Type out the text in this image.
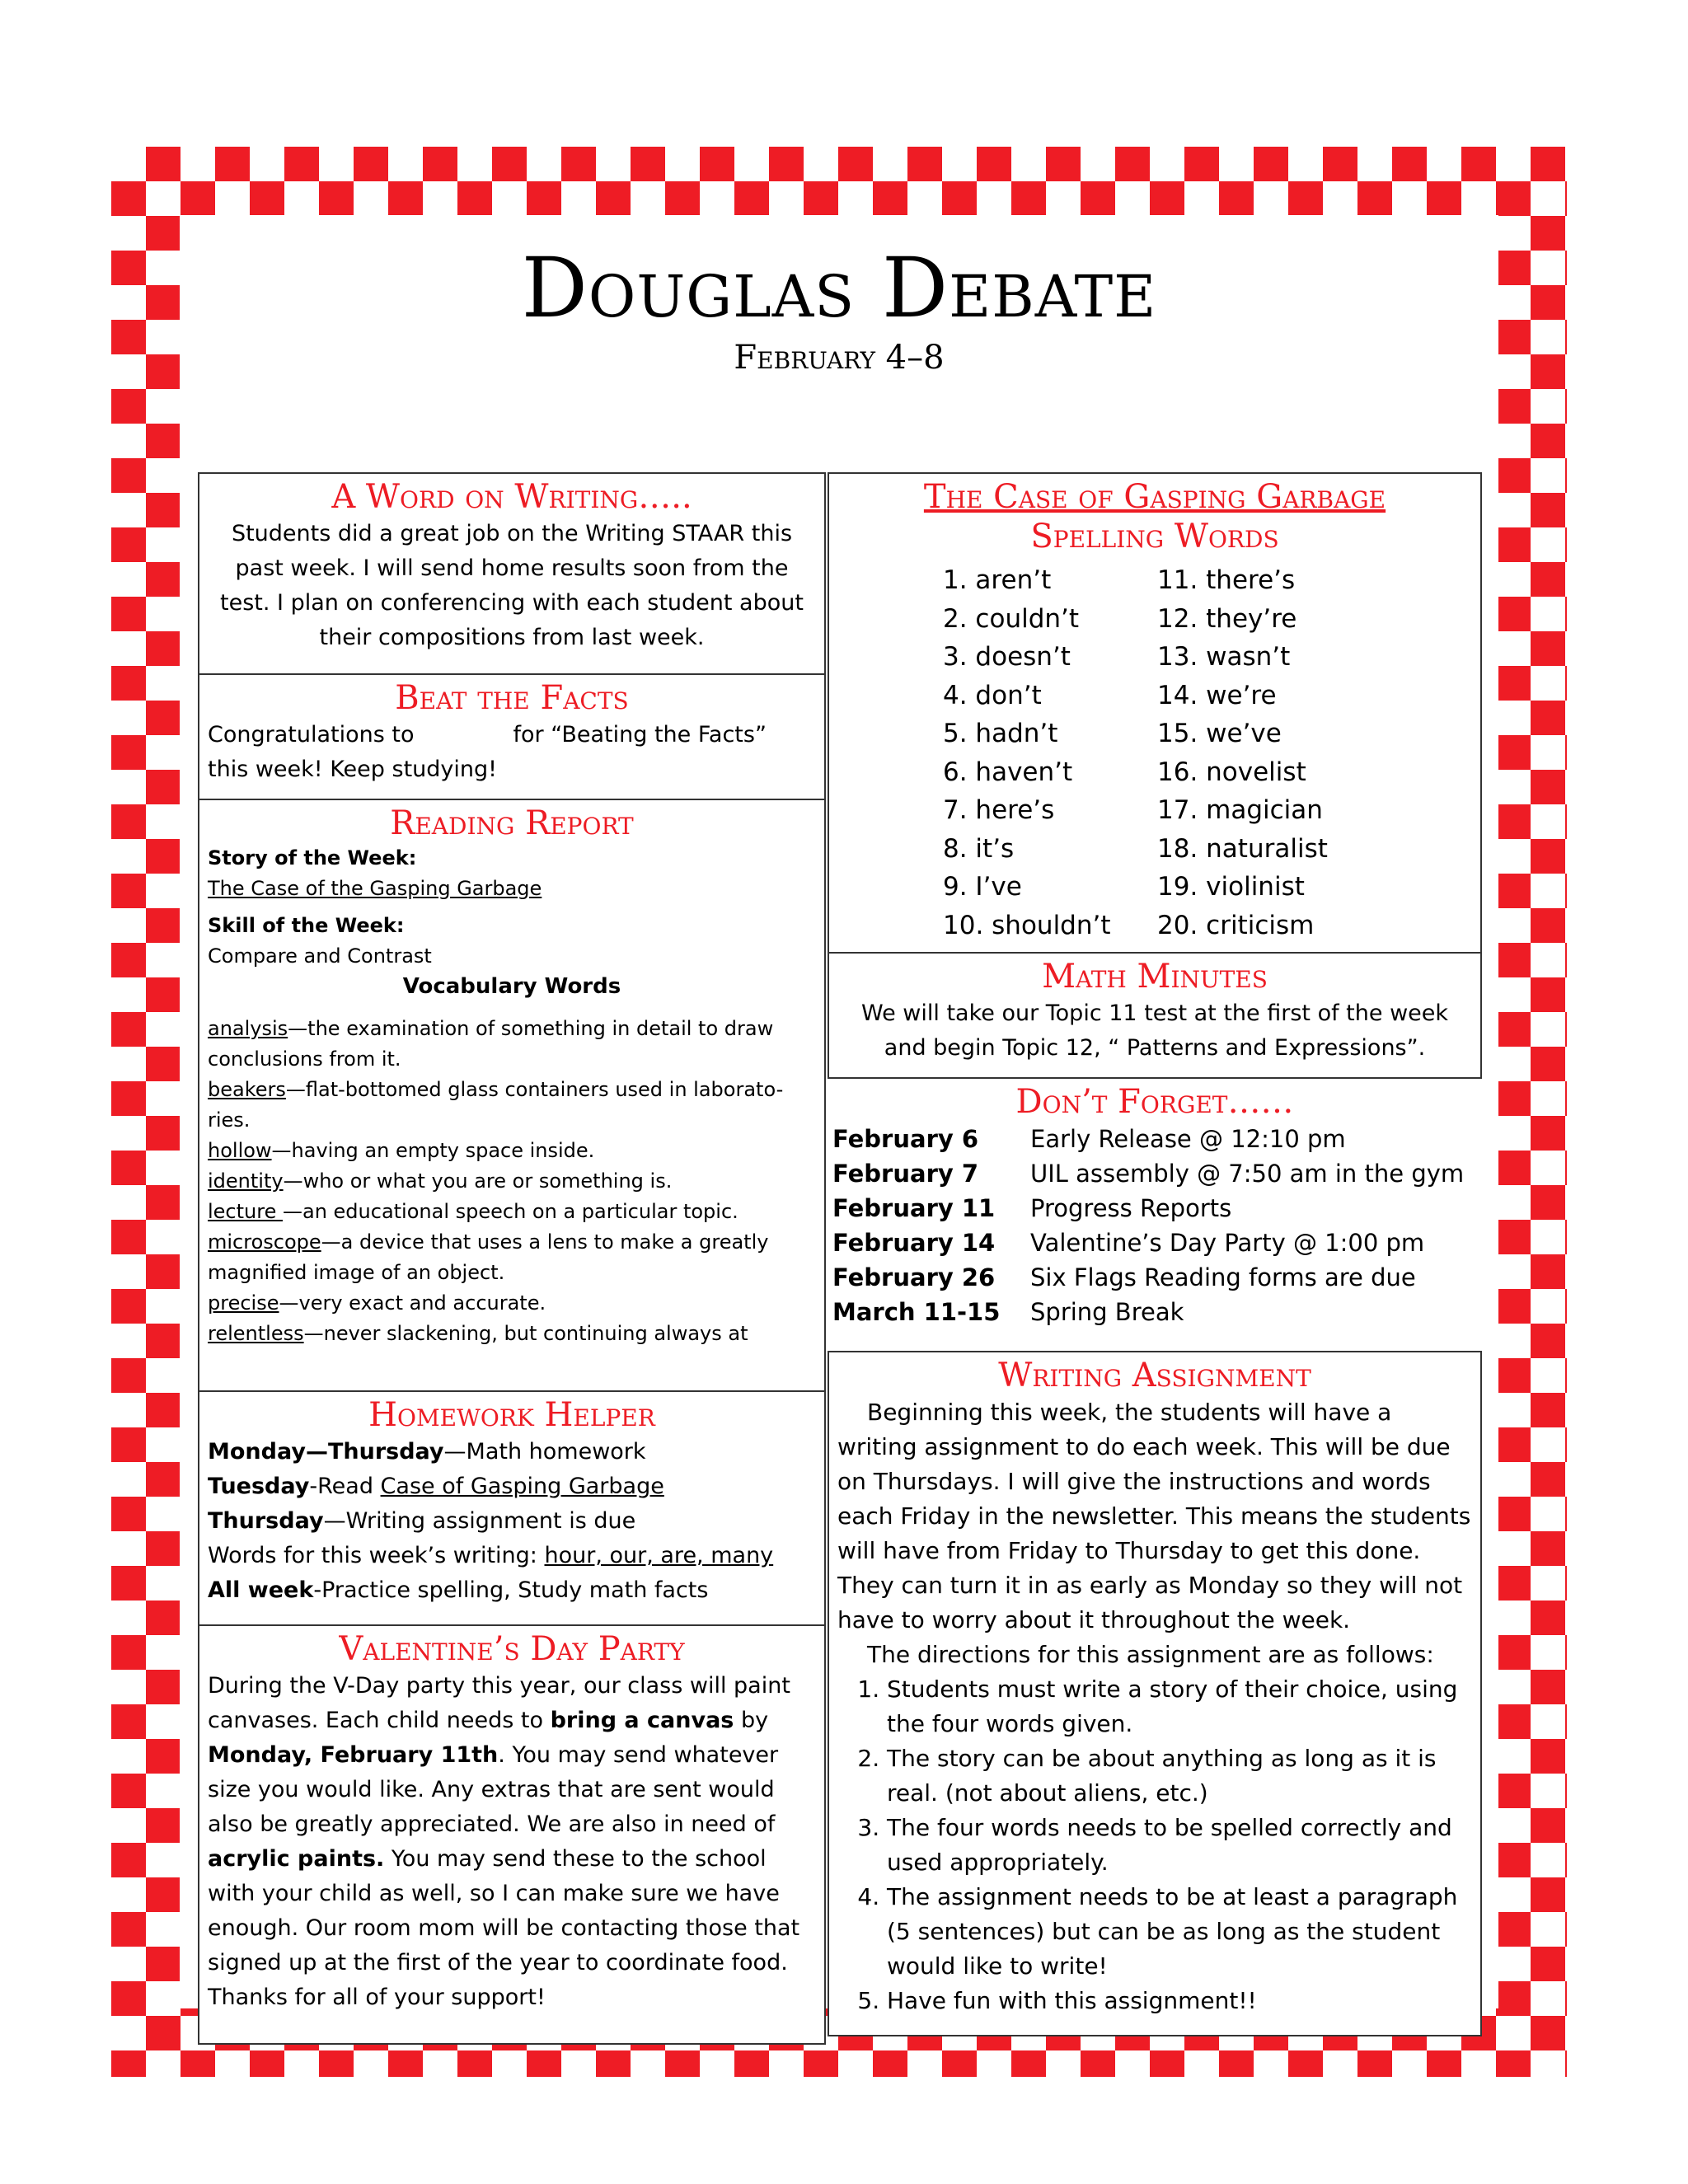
Douglas Debate
February 4–8
A Word on Writing…..
Students did a great job on the Writing STAAR this past week. I will send home results soon from the test. I plan on conferencing with each student about their compositions from last week.
Beat the Facts
Congratulations to	for “Beating the Facts”
this week! Keep studying!
Reading Report
Story of the Week:
The Case of the Gasping Garbage
Skill of the Week:
Compare and Contrast
Vocabulary Words
analysis—the examination of something in detail to draw conclusions from it.
beakers—flat-bottomed glass containers used in laborato-ries.
hollow—having an empty space inside.
identity—who or what you are or something is.
lecture —an educational speech on a particular topic.
microscope—a device that uses a lens to make a greatly magnified image of an object.
precise—very exact and accurate.
relentless—never slackening, but continuing always at
Homework Helper
Monday—Thursday—Math homework
Tuesday-Read Case of Gasping Garbage
Thursday—Writing assignment is due
Words for this week’s writing: hour, our, are, many
All week-Practice spelling, Study math facts
Valentine’s Day Party
During the V-Day party this year, our class will paint canvases. Each child needs to bring a canvas by Monday, February 11th. You may send whatever size you would like. Any extras that are sent would also be greatly appreciated. We are also in need of acrylic paints. You may send these to the school with your child as well, so I can make sure we have enough. Our room mom will be contacting those that signed up at the first of the year to coordinate food. Thanks for all of your support!
The Case of Gasping Garbage
Spelling Words
1. aren’t	11. there’s
2. couldn’t	12. they’re
3. doesn’t	13. wasn’t
4. don’t	14. we’re
5. hadn’t	15. we’ve
6. haven’t	16. novelist
7. here’s	17. magician
8. it’s	18. naturalist
9. I’ve	19. violinist
10. shouldn’t	20. criticism
Math Minutes
We will take our Topic 11 test at the first of the week and begin Topic 12, “ Patterns and Expressions”.
Don’t Forget……
February 6	Early Release @ 12:10 pm
February 7	UIL assembly @ 7:50 am in the gym
February 11	Progress Reports
February 14	Valentine’s Day Party @ 1:00 pm
February 26	Six Flags Reading forms are due
March 11-15	Spring Break
Writing Assignment
Beginning this week, the students will have a writing assignment to do each week. This will be due on Thursdays. I will give the instructions and words each Friday in the newsletter. This means the students will have from Friday to Thursday to get this done. They can turn it in as early as Monday so they will not have to worry about it throughout the week.
The directions for this assignment are as follows:
1. Students must write a story of their choice, using the four words given.
2. The story can be about anything as long as it is real. (not about aliens, etc.)
3. The four words needs to be spelled correctly and used appropriately.
4. The assignment needs to be at least a paragraph (5 sentences) but can be as long as the student would like to write!
5. Have fun with this assignment!!
